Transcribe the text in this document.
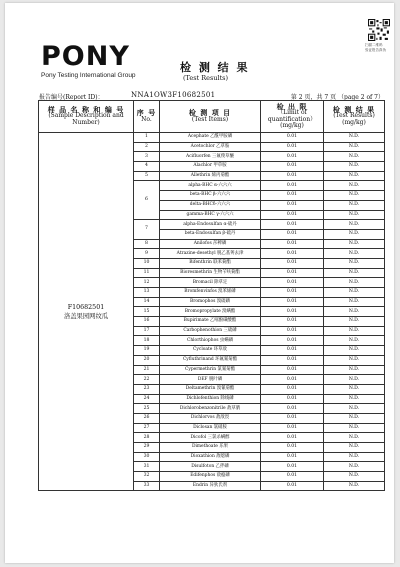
PONY
Pony Testing International Group
检 测 结 果
(Test Results)
扫描二维码
验证报告真伪
报告编号(Report ID)：	NNA1OW3F10682501	第 2 页，共 7 页 （page 2 of 7）
样 品 名 称 和 编 号
(Sample Description and Number)	序 号
No.	检 测 项 目
(Test Items)	检 出 限
（Limit of quantification）
(mg/kg)	检 测 结 果
(Test Results)
(mg/kg)

F10682501
洛盖果园网纹瓜	1	Acephate 乙酰甲胺磷	0.01	N.D.
	2	Acetochlor 乙草胺	0.01	N.D.
	3	Acifluorfen 三氟羧草醚	0.01	N.D.
	4	Alachlor 甲草胺	0.01	N.D.
	5	Allethrin 烯丙菊酯	0.01	N.D.
	6	alpha-BHC α-六六六	0.01	N.D.
		beta-BHC β-六六六	0.01	N.D.
		delta-BHCδ-六六六	0.01	N.D.
		gamma-BHC γ-六六六	0.01	N.D.
	7	alpha-Endosulfan α-硫丹	0.01	N.D.
		beta-Endosulfan β-硫丹	0.01	N.D.
	8	Anilofos 莎稗磷	0.01	N.D.
	9	Atrazine-desethyl 脱乙基莠去津	0.01	N.D.
	10	Bifenthrin 联苯菊酯	0.01	N.D.
	11	Bioresmethrin 生物苄呋菊酯	0.01	N.D.
	12	Bromacil 除草定	0.01	N.D.
	13	Bromfenvinfos 溴苯烯磷	0.01	N.D.
	14	Bromophos 溴硫磷	0.01	N.D.
	15	Bromopropylate 溴螨酯	0.01	N.D.
	16	Bupirimate 乙嘧酚磺酸酯	0.01	N.D.
	17	Carbophenothion 三硫磷	0.01	N.D.
	18	Chlorthiophos 虫螨磷	0.01	N.D.
	19	Cycloate 环草敌	0.01	N.D.
	20	Cyfluthrinand 环氟氰菊酯	0.01	N.D.
	21	Cypermethrin 氯氰菊酯	0.01	N.D.
	22	DEF 脱叶磷	0.01	N.D.
	23	Deltamethrin 溴氰菊酯	0.01	N.D.
	24	Dichlofenthion 除线磷	0.01	N.D.
	25	Dichlorobenzonitrile 敌草腈	0.01	N.D.
	26	Dichlorvos 敌敌畏	0.01	N.D.
	27	Diclosan 氯硝胺	0.01	N.D.
	28	Dicofol 三氯杀螨醇	0.01	N.D.
	29	Dimethoate 乐果	0.01	N.D.
	30	Dioxathion 敌噁磷	0.01	N.D.
	31	Disulfoton 乙拌磷	0.01	N.D.
	32	Edifenphos 敌瘟磷	0.01	N.D.
	33	Endrin 异狄氏剂	0.01	N.D.
